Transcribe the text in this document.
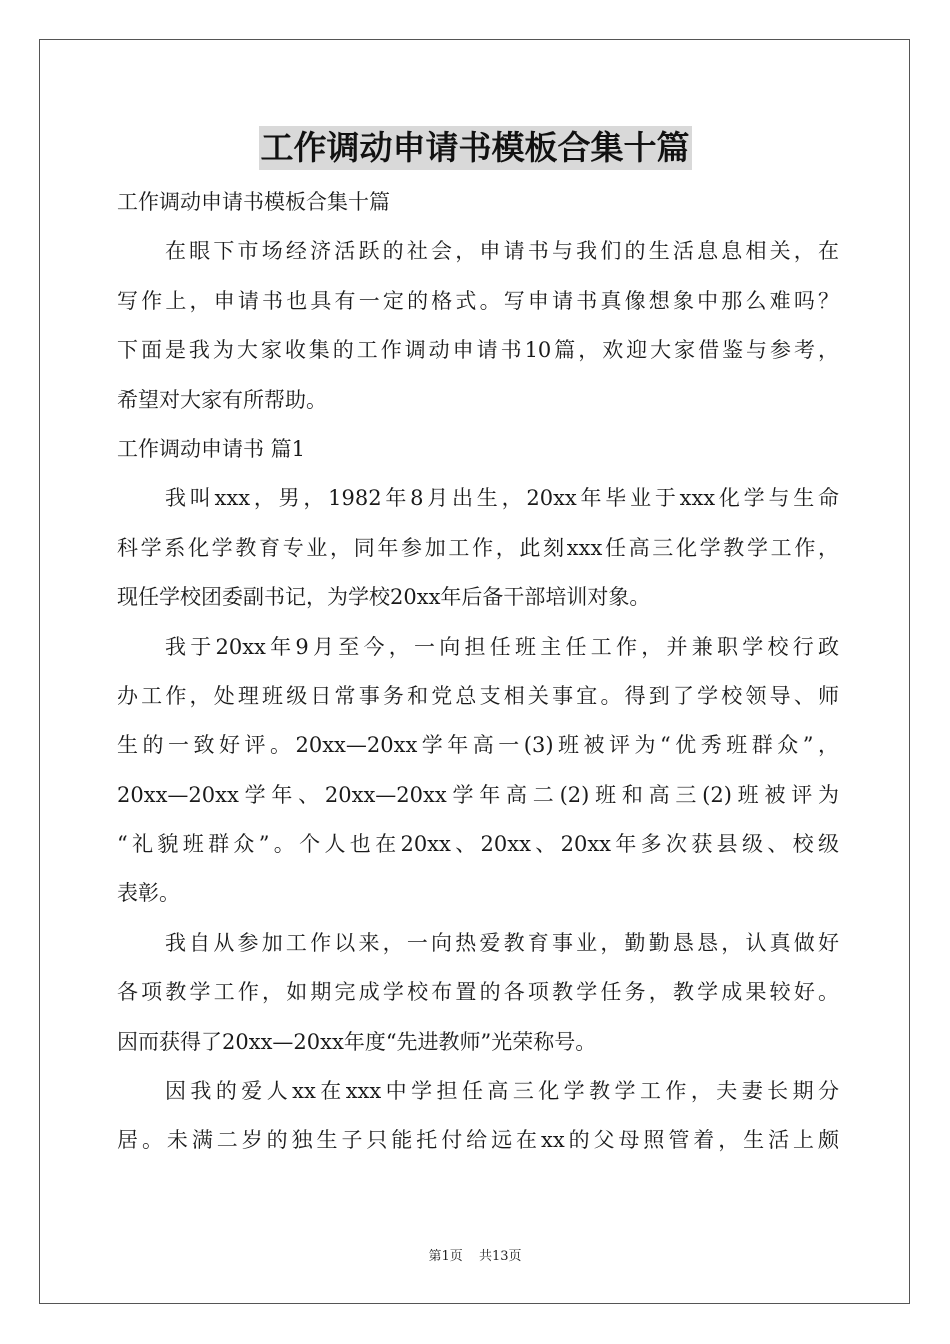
工作调动申请书模板合集十篇
工作调动申请书模板合集十篇
在眼下市场经济活跃的社会，申请书与我们的生活息息相关，在
写作上，申请书也具有一定的格式。写申请书真像想象中那么难吗？
下面是我为大家收集的工作调动申请书10篇，欢迎大家借鉴与参考，
希望对大家有所帮助。
工作调动申请书 篇1
我叫xxx，男，1982年8月出生，20xx年毕业于xxx化学与生命
科学系化学教育专业，同年参加工作，此刻xxx任高三化学教学工作，
现任学校团委副书记，为学校20xx年后备干部培训对象。
我于20xx年9月至今，一向担任班主任工作，并兼职学校行政
办工作，处理班级日常事务和党总支相关事宜。得到了学校领导、师
生的一致好评。20xx—20xx学年高一(3)班被评为“优秀班群众”，
20xx—20xx学年、20xx—20xx学年高二(2)班和高三(2)班被评为
“礼貌班群众”。个人也在20xx、20xx、20xx年多次获县级、校级
表彰。
我自从参加工作以来，一向热爱教育事业，勤勤恳恳，认真做好
各项教学工作，如期完成学校布置的各项教学任务，教学成果较好。
因而获得了20xx—20xx年度“先进教师”光荣称号。
因我的爱人xx在xxx中学担任高三化学教学工作，夫妻长期分
居。未满二岁的独生子只能托付给远在xx的父母照管着，生活上颇
第1页 共13页
